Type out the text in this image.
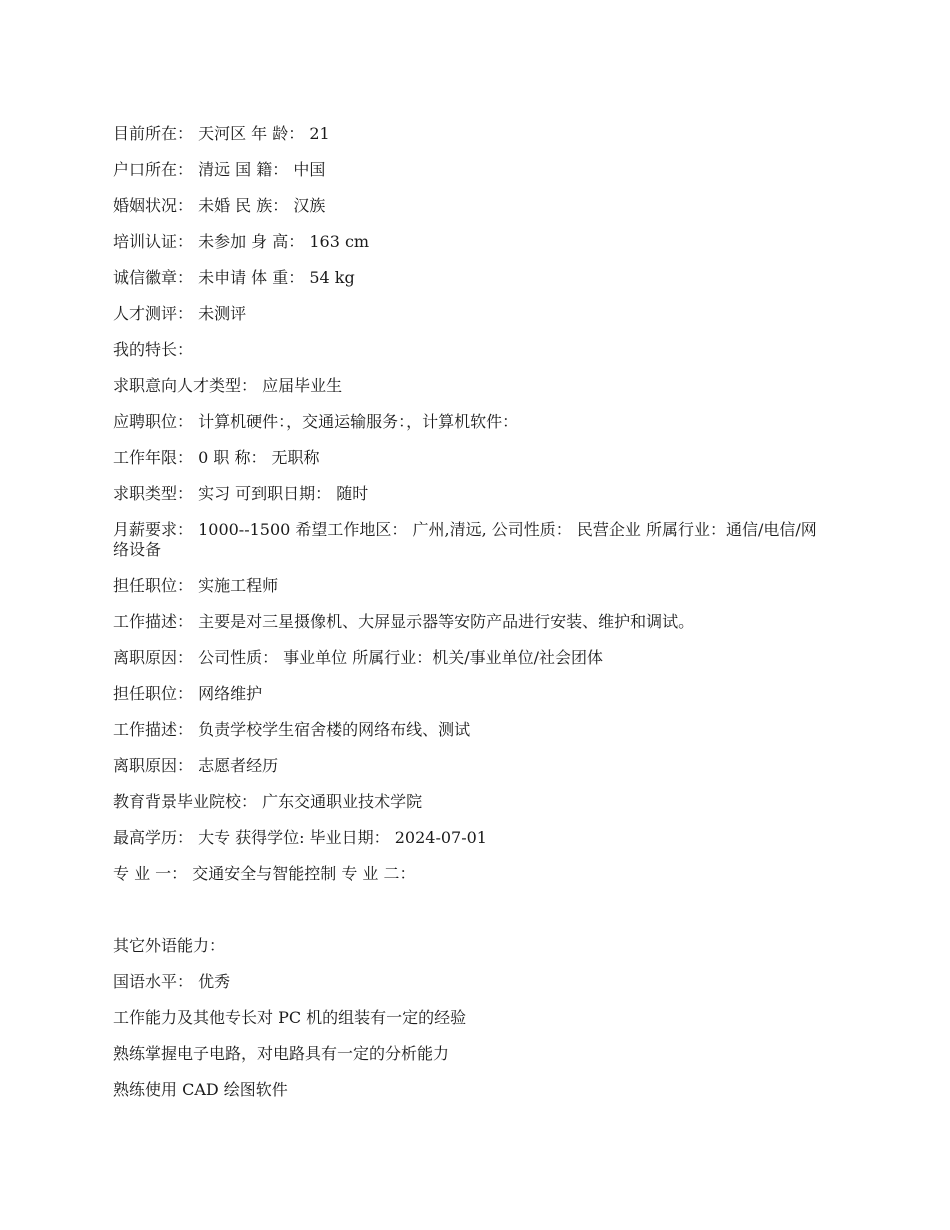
目前所在： 天河区 年 龄： 21
户口所在： 清远 国 籍： 中国
婚姻状况： 未婚 民 族： 汉族
培训认证： 未参加 身 高： 163 cm
诚信徽章： 未申请 体 重： 54 kg
人才测评： 未测评
我的特长：
求职意向人才类型： 应届毕业生
应聘职位： 计算机硬件：，交通运输服务：，计算机软件：
工作年限： 0 职 称： 无职称
求职类型： 实习 可到职日期： 随时
月薪要求： 1000--1500 希望工作地区： 广州,清远, 公司性质： 民营企业 所属行业：通信/电信/网络设备
担任职位： 实施工程师
工作描述： 主要是对三星摄像机、大屏显示器等安防产品进行安装、维护和调试。
离职原因： 公司性质： 事业单位 所属行业：机关/事业单位/社会团体
担任职位： 网络维护
工作描述： 负责学校学生宿舍楼的网络布线、测试
离职原因： 志愿者经历
教育背景毕业院校： 广东交通职业技术学院
最高学历： 大专 获得学位: 毕业日期： 2024-07-01
专 业 一： 交通安全与智能控制 专 业 二：
其它外语能力：
国语水平： 优秀
工作能力及其他专长对 PC 机的组装有一定的经验
熟练掌握电子电路，对电路具有一定的分析能力
熟练使用 CAD 绘图软件
